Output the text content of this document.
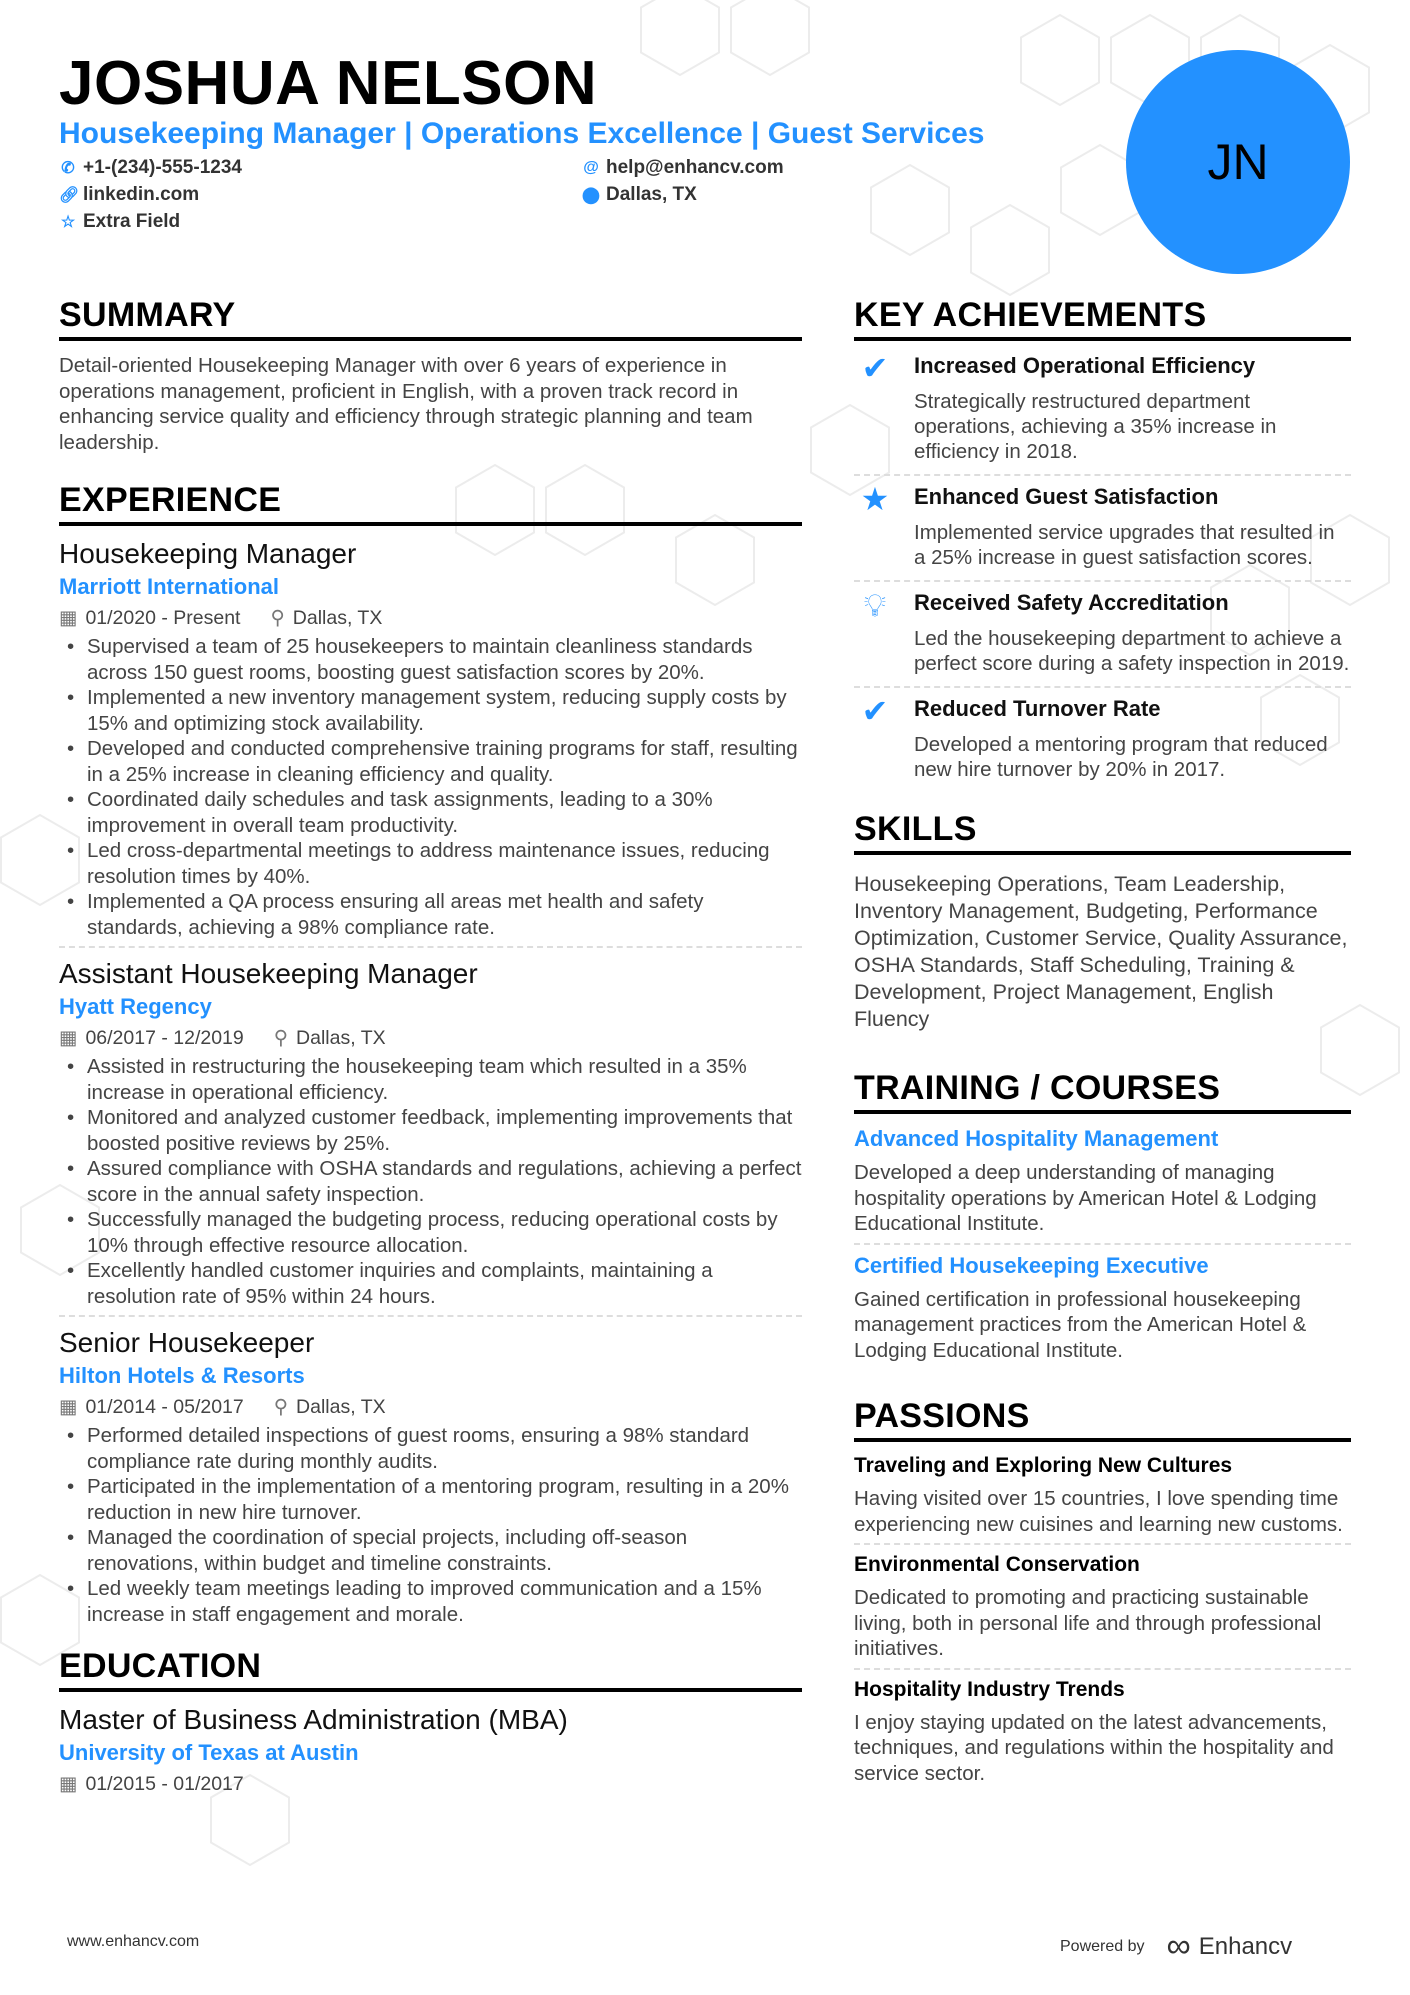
JOSHUA NELSON
Housekeeping Manager | Operations Excellence | Guest Services
✆ +1-(234)-555-1234	@ help@enhancv.com
🔗︎ linkedin.com	⬤ Dallas, TX
☆ Extra Field
JN
SUMMARY

Detail-oriented Housekeeping Manager with over 6 years of experience in operations management, proficient in English, with a proven track record in enhancing service quality and efficiency through strategic planning and team leadership.

EXPERIENCE
Housekeeping Manager
Marriott International
▦ 01/2020 - Present ⚲ Dallas, TX
• Supervised a team of 25 housekeepers to maintain cleanliness standards across 150 guest rooms, boosting guest satisfaction scores by 20%.
• Implemented a new inventory management system, reducing supply costs by 15% and optimizing stock availability.
• Developed and conducted comprehensive training programs for staff, resulting in a 25% increase in cleaning efficiency and quality.
• Coordinated daily schedules and task assignments, leading to a 30% improvement in overall team productivity.
• Led cross-departmental meetings to address maintenance issues, reducing resolution times by 40%.
• Implemented a QA process ensuring all areas met health and safety standards, achieving a 98% compliance rate.
Assistant Housekeeping Manager
Hyatt Regency
▦ 06/2017 - 12/2019 ⚲ Dallas, TX
• Assisted in restructuring the housekeeping team which resulted in a 35% increase in operational efficiency.
• Monitored and analyzed customer feedback, implementing improvements that boosted positive reviews by 25%.
• Assured compliance with OSHA standards and regulations, achieving a perfect score in the annual safety inspection.
• Successfully managed the budgeting process, reducing operational costs by 10% through effective resource allocation.
• Excellently handled customer inquiries and complaints, maintaining a resolution rate of 95% within 24 hours.
Senior Housekeeper
Hilton Hotels & Resorts
▦ 01/2014 - 05/2017 ⚲ Dallas, TX
• Performed detailed inspections of guest rooms, ensuring a 98% standard compliance rate during monthly audits.
• Participated in the implementation of a mentoring program, resulting in a 20% reduction in new hire turnover.
• Managed the coordination of special projects, including off-season renovations, within budget and timeline constraints.
• Led weekly team meetings leading to improved communication and a 15% increase in staff engagement and morale.
EDUCATION
Master of Business Administration (MBA)
University of Texas at Austin
▦ 01/2015 - 01/2017
KEY ACHIEVEMENTS
✔	Increased Operational Efficiency
Strategically restructured department operations, achieving a 35% increase in efficiency in 2018.
★	Enhanced Guest Satisfaction
Implemented service upgrades that resulted in a 25% increase in guest satisfaction scores.
💡︎	Received Safety Accreditation
Led the housekeeping department to achieve a perfect score during a safety inspection in 2019.
✔	Reduced Turnover Rate
Developed a mentoring program that reduced new hire turnover by 20% in 2017.
SKILLS
Housekeeping Operations, Team Leadership, Inventory Management, Budgeting, Performance Optimization, Customer Service, Quality Assurance, OSHA Standards, Staff Scheduling, Training & Development, Project Management, English Fluency
TRAINING / COURSES
Advanced Hospitality Management

Developed a deep understanding of managing hospitality operations by American Hotel & Lodging Educational Institute.

Certified Housekeeping Executive

Gained certification in professional housekeeping management practices from the American Hotel & Lodging Educational Institute.

PASSIONS
Traveling and Exploring New Cultures

Having visited over 15 countries, I love spending time experiencing new cuisines and learning new customs.

Environmental Conservation

Dedicated to promoting and practicing sustainable living, both in personal life and through professional initiatives.

Hospitality Industry Trends

I enjoy staying updated on the latest advancements, techniques, and regulations within the hospitality and service sector.

www.enhancv.com	Powered by ∞ Enhancv
